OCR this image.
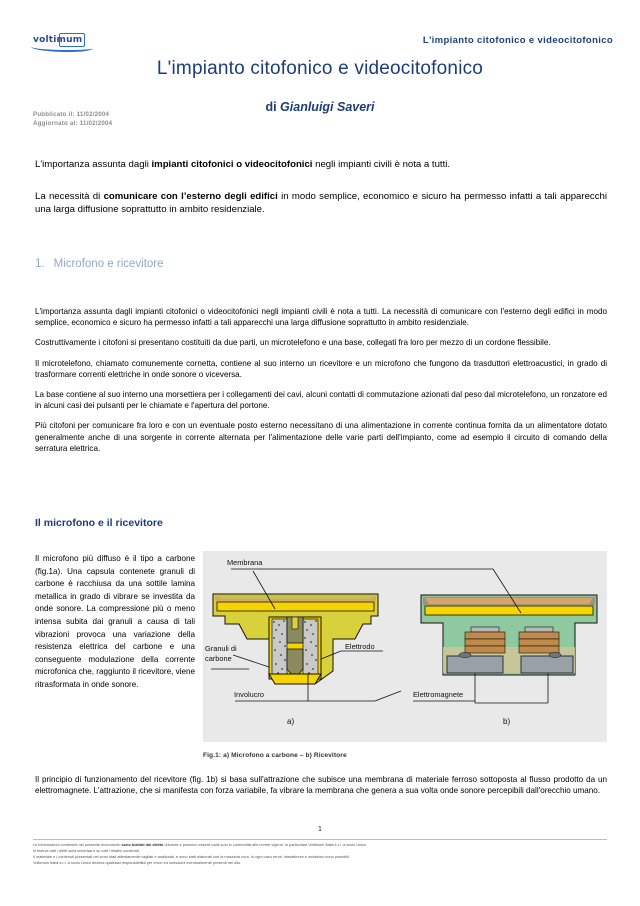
voltimum	L'impianto citofonico e videocitofonico
L'impianto citofonico e videocitofonico
di Gianluigi Saveri
Pubblicato il: 11/02/2004
Aggiornato al: 11/02/2004

L'importanza assunta dagli impianti citofonici o videocitofonici negli impianti civili è nota a tutti.

La necessità di comunicare con l’esterno degli edifici in modo semplice, economico e sicuro ha permesso infatti a tali apparecchi una larga diffusione soprattutto in ambito residenziale.

1. Microfono e ricevitore

L'importanza assunta dagli impianti citofonici o videocitofonici negli impianti civili è nota a tutti. La necessità di comunicare con l'esterno degli edifici in modo semplice, economico e sicuro ha permesso infatti a tali apparecchi una larga diffusione soprattutto in ambito residenziale.

Costruttivamente i citofoni si presentano costituiti da due parti, un microtelefono e una base, collegati fra loro per mezzo di un cordone flessibile.

Il microtelefono, chiamato comunemente cornetta, contiene al suo interno un ricevitore e un microfono che fungono da trasduttori elettroacustici, in grado di trasformare correnti elettriche in onde sonore o viceversa.

La base contiene al suo interno una morsettiera per i collegamenti dei cavi, alcuni contatti di commutazione azionati dal peso dal microtelefono, un ronzatore ed in alcuni casi dei pulsanti per le chiamate e l'apertura del portone.

Più citofoni per comunicare fra loro e con un eventuale posto esterno necessitano di una alimentazione in corrente continua fornita da un alimentatore dotato generalmente anche di una sorgente in corrente alternata per l'alimentazione delle varie parti dell'impianto, come ad esempio il circuito di comando della serratura elettrica.

Il microfono e il ricevitore
Il microfono più diffuso è il tipo a carbone (fig.1a). Una capsula contenete granuli di carbone è racchiusa da una sottile lamina metallica in grado di vibrare se investita da onde sonore. La compressione più o meno intensa subita dai granuli a causa di tali vibrazioni provoca una variazione della resistenza elettrica del carbone e una conseguente modulazione della corrente microfonica che, raggiunto il ricevitore, viene ritrasformata in onde sonore.
Membrana
Granuli di
carbone
Elettrodo
Involucro	Elettromagnete
a)	b)
Fig.1: a) Microfono a carbone – b) Ricevitore
Il principio di funzionamento del ricevitore (fig. 1b) si basa sull'attrazione che subisce una membrana di materiale ferroso sottoposta al flusso prodotto da un elettromagnete. L'attrazione, che si manifesta con forza variabile, fa vibrare la membrana che genera a sua volta onde sonore percepibili dall'orecchio umano.
1
Le informazioni contenute nel presente documento sono tutelati dai diritto d'autore e possono essere usati solo in conformità alle norme vigenti. In particolare Voltimum Italia s.r.l. a socio Unico
si riserva tutti i diritti sulla schedaa e su tutti i relativi contenuti.
Il materiale e i contenuti presentati nel sono stati attentamente vagliati e analizzati, e sono stati elaborati con la massima cura. In ogni caso errori, inesattezze e omissioni sono possibili.
Voltimum Italia s.r.l. a socio Unico declina qualsiasi responsabilità per errori ed omissioni eventualmente presenti nel sito.
